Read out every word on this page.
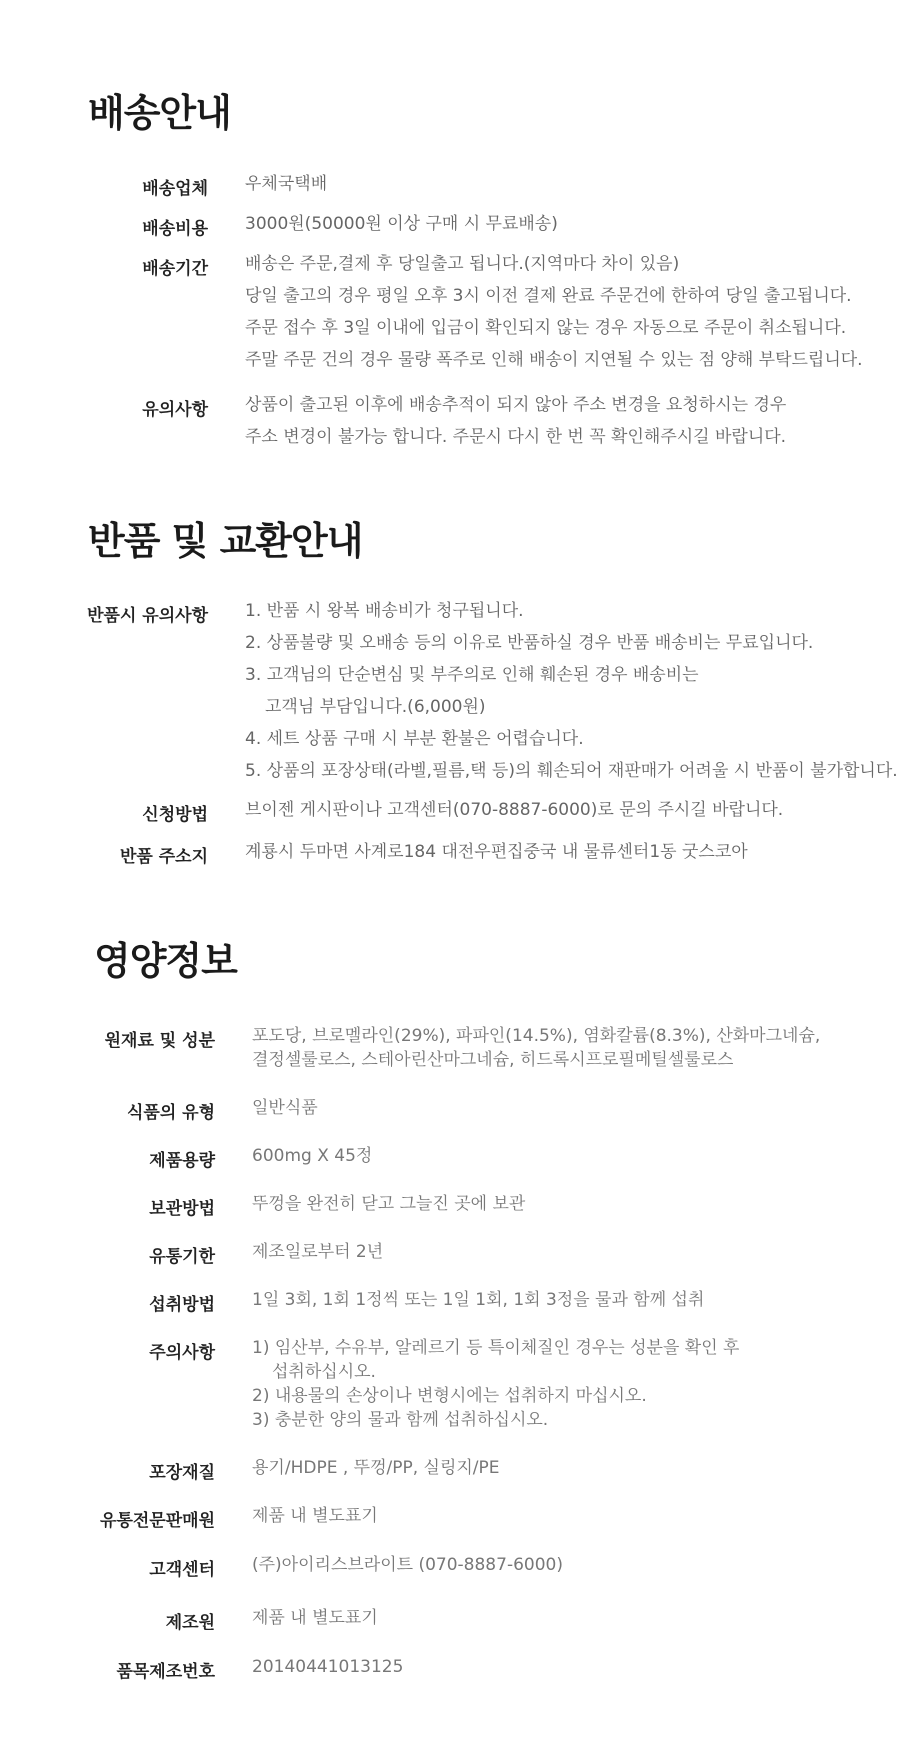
배송안내
배송업체 우체국택배
배송비용 3000원(50000원 이상 구매 시 무료배송)
배송기간 배송은 주문,결제 후 당일출고 됩니다.(지역마다 차이 있음)
당일 출고의 경우 평일 오후 3시 이전 결제 완료 주문건에 한하여 당일 출고됩니다.
주문 접수 후 3일 이내에 입금이 확인되지 않는 경우 자동으로 주문이 취소됩니다.
주말 주문 건의 경우 물량 폭주로 인해 배송이 지연될 수 있는 점 양해 부탁드립니다.
유의사항 상품이 출고된 이후에 배송추적이 되지 않아 주소 변경을 요청하시는 경우
주소 변경이 불가능 합니다. 주문시 다시 한 번 꼭 확인해주시길 바랍니다.
반품 및 교환안내
반품시 유의사항 1. 반품 시 왕복 배송비가 청구됩니다.
2. 상품불량 및 오배송 등의 이유로 반품하실 경우 반품 배송비는 무료입니다.
3. 고객님의 단순변심 및 부주의로 인해 훼손된 경우 배송비는
고객님 부담입니다.(6,000원)
4. 세트 상품 구매 시 부분 환불은 어렵습니다.
5. 상품의 포장상태(라벨,필름,택 등)의 훼손되어 재판매가 어려울 시 반품이 불가합니다.
신청방법 브이젠 게시판이나 고객센터(070-8887-6000)로 문의 주시길 바랍니다.
반품 주소지 계룡시 두마면 사계로184 대전우편집중국 내 물류센터1동 굿스코아
영양정보
원재료 및 성분 포도당, 브로멜라인(29%), 파파인(14.5%), 염화칼륨(8.3%), 산화마그네슘,
결정셀룰로스, 스테아린산마그네슘, 히드록시프로필메틸셀룰로스
식품의 유형 일반식품
제품용량 600mg X 45정
보관방법 뚜껑을 완전히 닫고 그늘진 곳에 보관
유통기한 제조일로부터 2년
섭취방법 1일 3회, 1회 1정씩 또는 1일 1회, 1회 3정을 물과 함께 섭취
주의사항 1) 임산부, 수유부, 알레르기 등 특이체질인 경우는 성분을 확인 후
섭취하십시오.
2) 내용물의 손상이나 변형시에는 섭취하지 마십시오.
3) 충분한 양의 물과 함께 섭취하십시오.
포장재질 용기/HDPE , 뚜껑/PP, 실링지/PE
유통전문판매원 제품 내 별도표기
고객센터 (주)아이리스브라이트 (070-8887-6000)
제조원 제품 내 별도표기
품목제조번호 20140441013125
